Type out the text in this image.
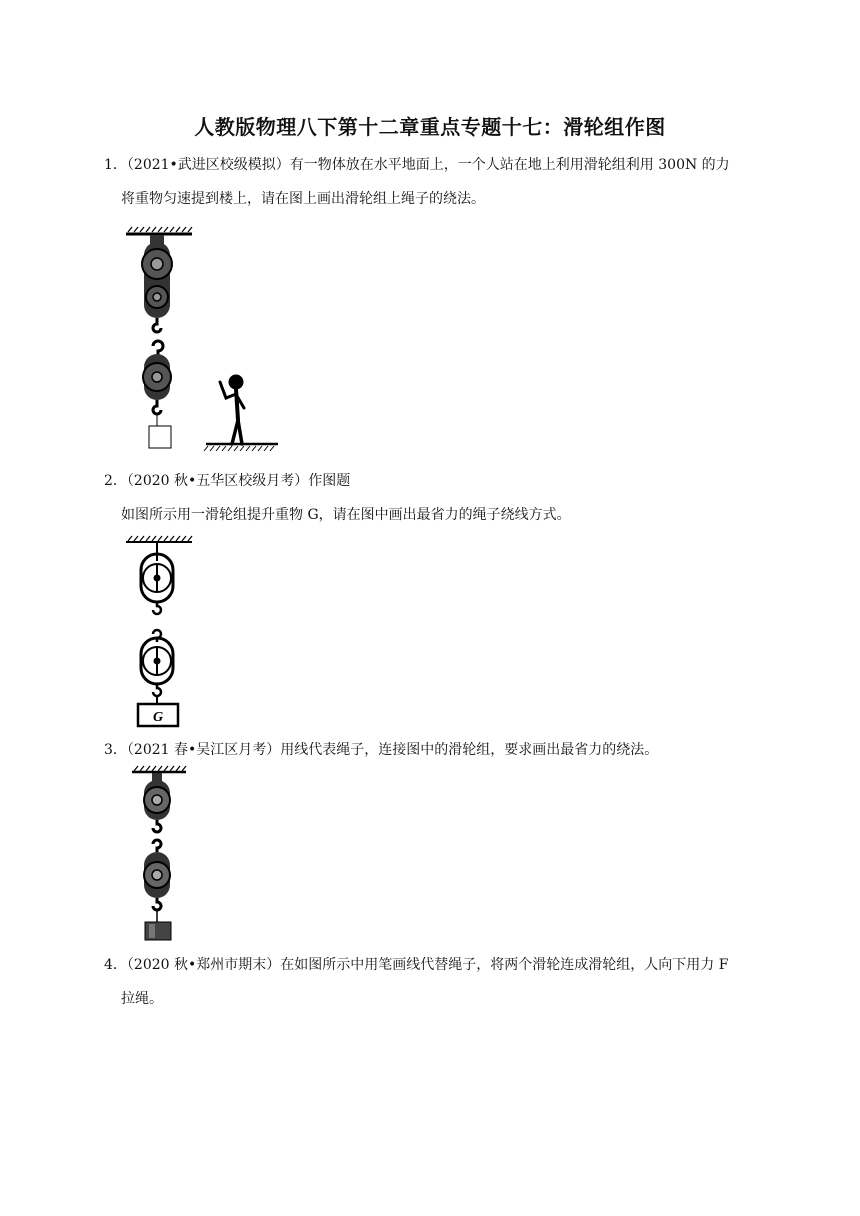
人教版物理八下第十二章重点专题十七：滑轮组作图
1．（2021•武进区校级模拟）有一物体放在水平地面上，一个人站在地上利用滑轮组利用 300N 的力
将重物匀速提到楼上，请在图上画出滑轮组上绳子的绕法。
2．（2020 秋•五华区校级月考）作图题
如图所示用一滑轮组提升重物 G，请在图中画出最省力的绳子绕线方式。
G
3．（2021 春•吴江区月考）用线代表绳子，连接图中的滑轮组，要求画出最省力的绕法。
4．（2020 秋•郑州市期末）在如图所示中用笔画线代替绳子，将两个滑轮连成滑轮组，人向下用力 F
拉绳。
